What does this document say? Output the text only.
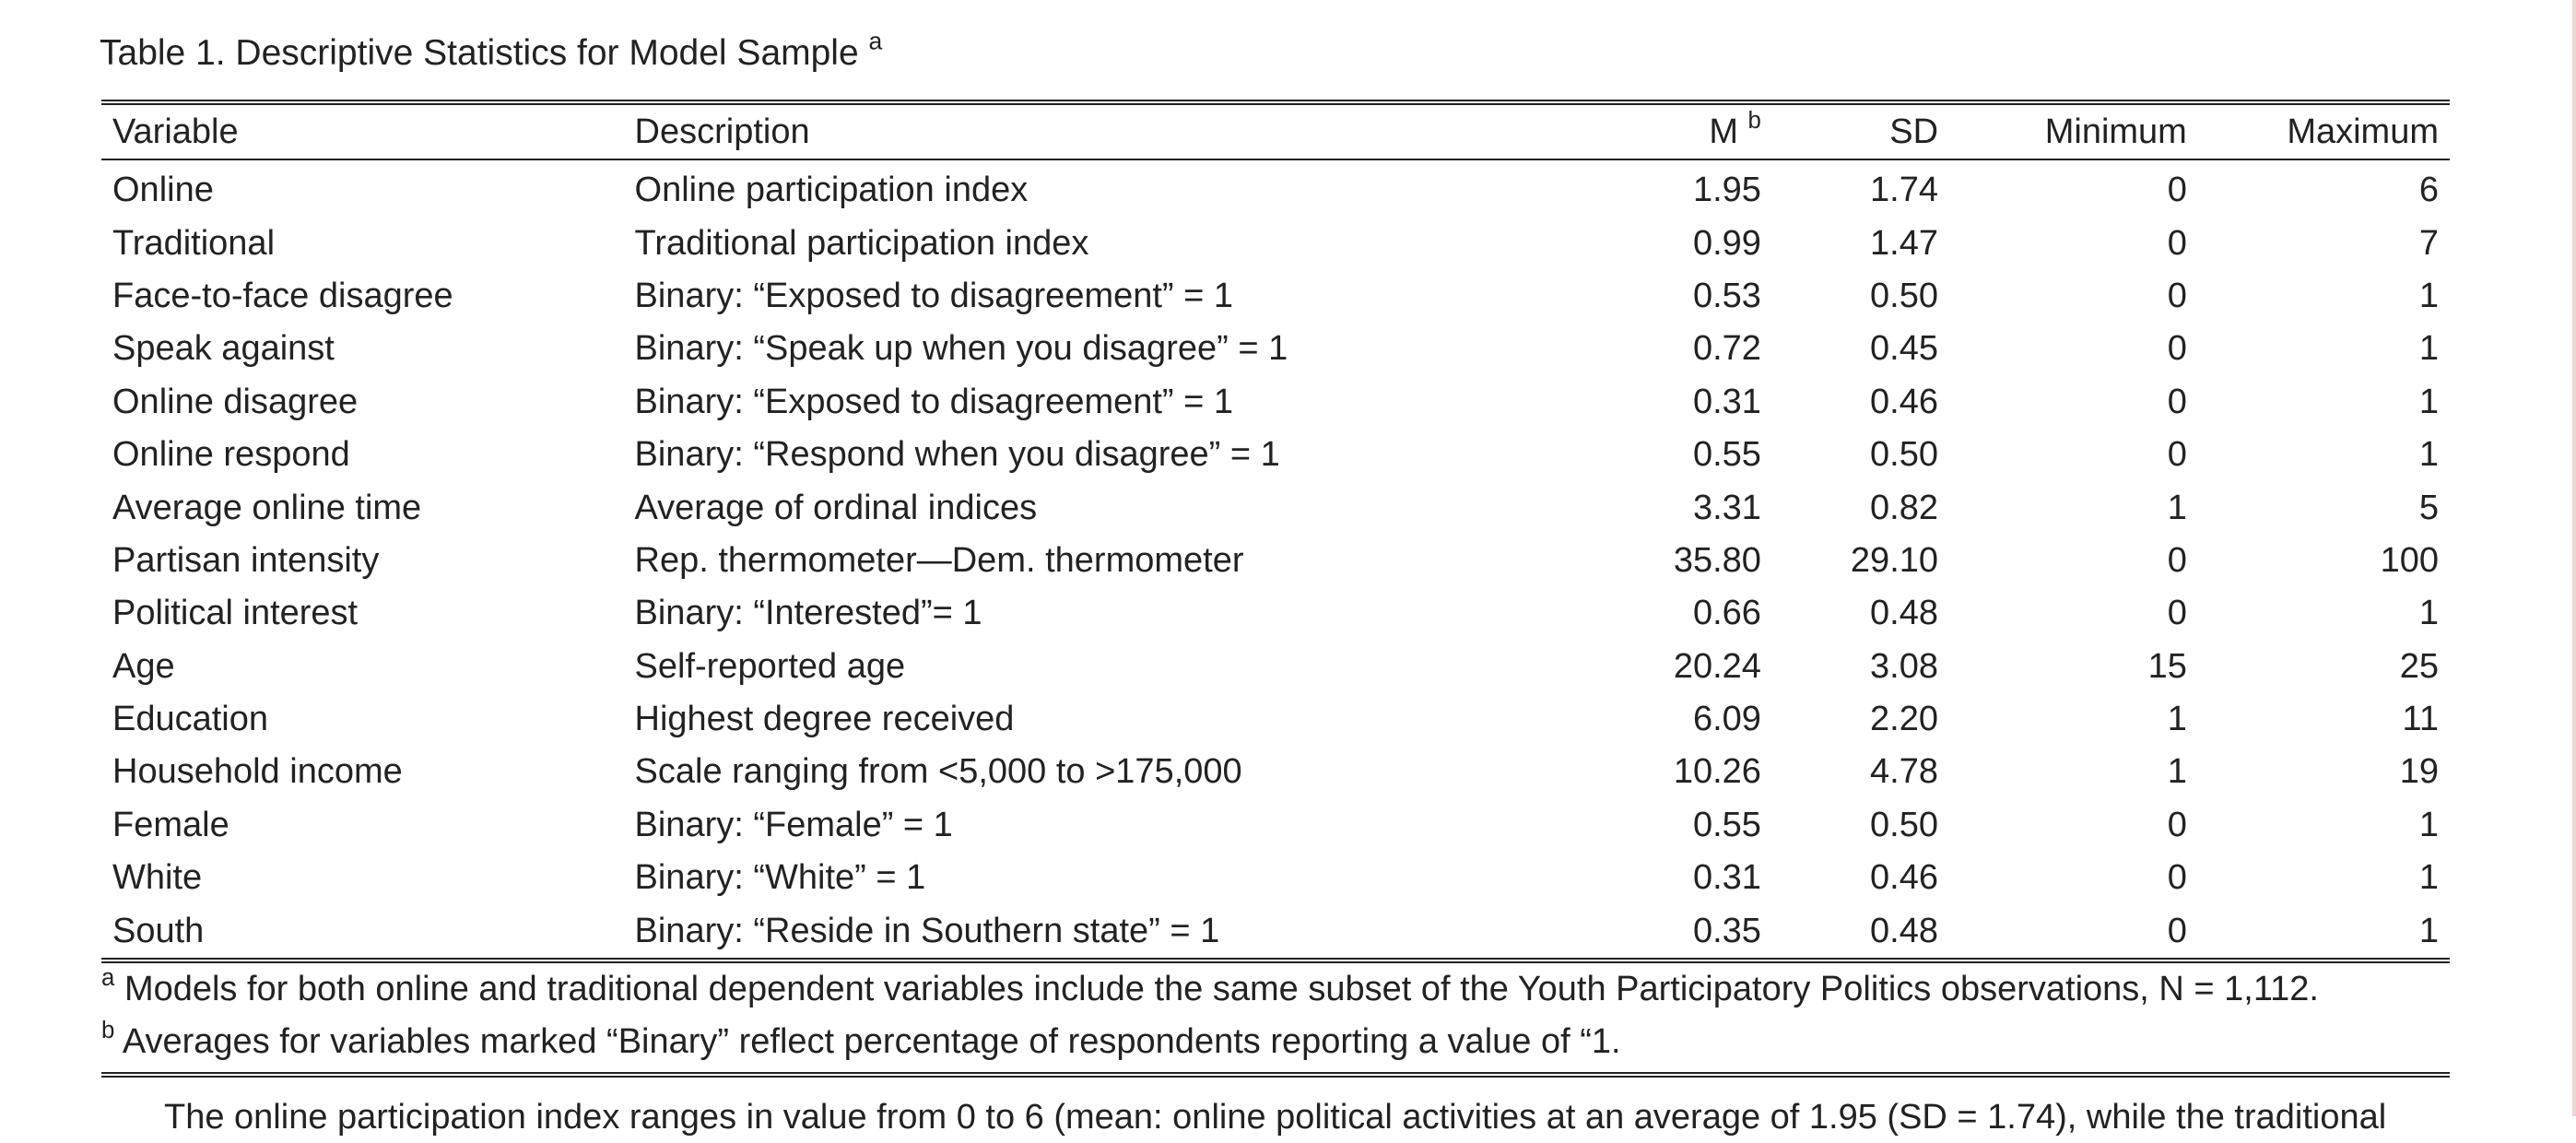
Table 1. Descriptive Statistics for Model Sample $^a$
Variable	Description	M $^b$	SD	Minimum	Maximum
Online	Online participation index	1.95	1.74	0	6
Traditional	Traditional participation index	0.99	1.47	0	7
Face-to-face disagree	Binary: “Exposed to disagreement” = 1	0.53	0.50	0	1
Speak against	Binary: “Speak up when you disagree” = 1	0.72	0.45	0	1
Online disagree	Binary: “Exposed to disagreement” = 1	0.31	0.46	0	1
Online respond	Binary: “Respond when you disagree” = 1	0.55	0.50	0	1
Average online time	Average of ordinal indices	3.31	0.82	1	5
Partisan intensity	Rep. thermometer—Dem. thermometer	35.80	29.10	0	100
Political interest	Binary: “Interested”= 1	0.66	0.48	0	1
Age	Self-reported age	20.24	3.08	15	25
Education	Highest degree received	6.09	2.20	1	11
Household income	Scale ranging from <5,000 to >175,000	10.26	4.78	1	19
Female	Binary: “Female” = 1	0.55	0.50	0	1
White	Binary: “White” = 1	0.31	0.46	0	1
South	Binary: “Reside in Southern state” = 1	0.35	0.48	0	1
$^a$ Models for both online and traditional dependent variables include the same subset of the Youth Participatory Politics observations, N = 1,112.
$^b$ Averages for variables marked “Binary” reflect percentage of respondents reporting a value of “1.
The online participation index ranges in value from 0 to 6 (mean: online political activities at an average of 1.95 (SD = 1.74), while the traditional
